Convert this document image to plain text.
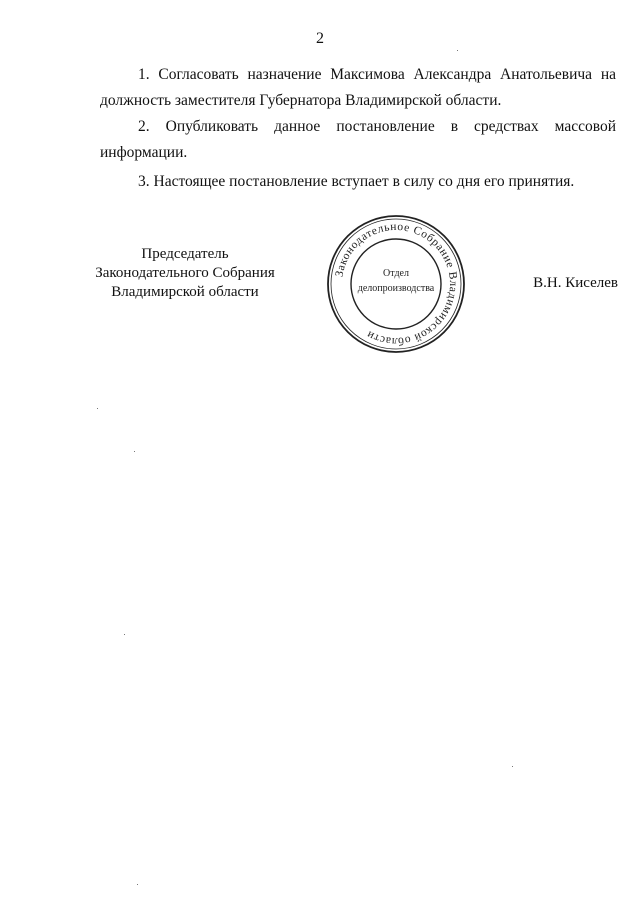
2
1. Согласовать назначение Максимова Александра Анатольевича на
должность заместителя Губернатора Владимирской области.
2. Опубликовать данное постановление в средствах массовой
информации.
3. Настоящее постановление вступает в силу со дня его принятия.
Председатель
Законодательного Собрания
Владимирской области
В.Н. Киселев
Законодательное Собрание Владимирской области
Отдел
делопроизводства
